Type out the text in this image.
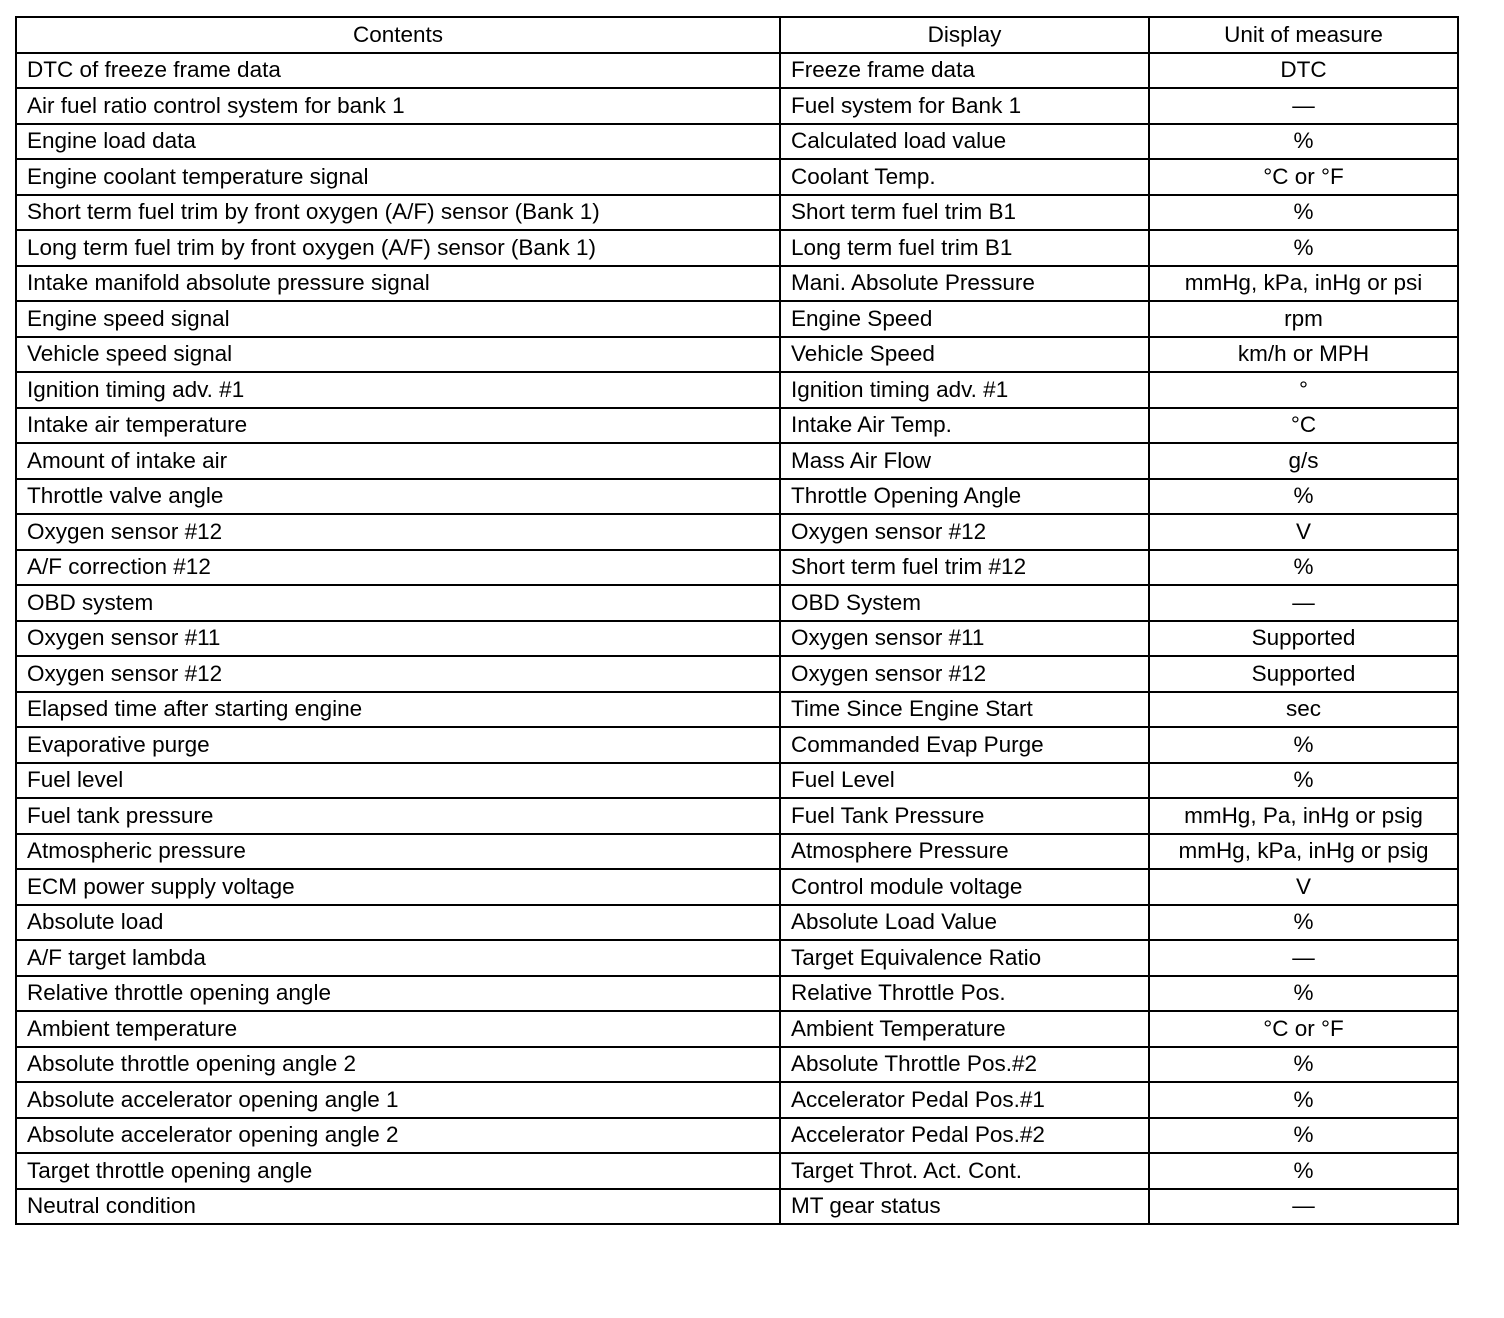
Contents	Display	Unit of measure
DTC of freeze frame data	Freeze frame data	DTC
Air fuel ratio control system for bank 1	Fuel system for Bank 1	—
Engine load data	Calculated load value	%
Engine coolant temperature signal	Coolant Temp.	°C or °F
Short term fuel trim by front oxygen (A/F) sensor (Bank 1)	Short term fuel trim B1	%
Long term fuel trim by front oxygen (A/F) sensor (Bank 1)	Long term fuel trim B1	%
Intake manifold absolute pressure signal	Mani. Absolute Pressure	mmHg, kPa, inHg or psi
Engine speed signal	Engine Speed	rpm
Vehicle speed signal	Vehicle Speed	km/h or MPH
Ignition timing adv. #1	Ignition timing adv. #1	°
Intake air temperature	Intake Air Temp.	°C
Amount of intake air	Mass Air Flow	g/s
Throttle valve angle	Throttle Opening Angle	%
Oxygen sensor #12	Oxygen sensor #12	V
A/F correction #12	Short term fuel trim #12	%
OBD system	OBD System	—
Oxygen sensor #11	Oxygen sensor #11	Supported
Oxygen sensor #12	Oxygen sensor #12	Supported
Elapsed time after starting engine	Time Since Engine Start	sec
Evaporative purge	Commanded Evap Purge	%
Fuel level	Fuel Level	%
Fuel tank pressure	Fuel Tank Pressure	mmHg, Pa, inHg or psig
Atmospheric pressure	Atmosphere Pressure	mmHg, kPa, inHg or psig
ECM power supply voltage	Control module voltage	V
Absolute load	Absolute Load Value	%
A/F target lambda	Target Equivalence Ratio	—
Relative throttle opening angle	Relative Throttle Pos.	%
Ambient temperature	Ambient Temperature	°C or °F
Absolute throttle opening angle 2	Absolute Throttle Pos.#2	%
Absolute accelerator opening angle 1	Accelerator Pedal Pos.#1	%
Absolute accelerator opening angle 2	Accelerator Pedal Pos.#2	%
Target throttle opening angle	Target Throt. Act. Cont.	%
Neutral condition	MT gear status	—
